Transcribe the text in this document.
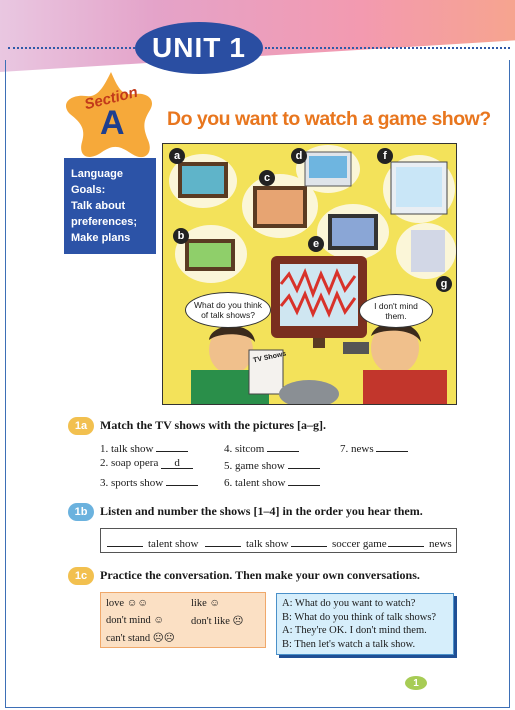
UNIT 1
Section
A Do you want to watch a game show?
Language Goals:
Talk about
preferences;
Make plans
What do you think of talk shows?
I don't mind them.
TV Shows
a
b
c
d
e
f
g
1a	Match the TV shows with the pictures [a–g].
1. talk show
2. soap opera d
3. sports show
4. sitcom
5. game show
6. talent show
7. news
1b	Listen and number the shows [1–4] in the order you hear them.
talent show	talk show	soccer game	news
1c	Practice the conversation. Then make your own conversations.
love ☺☺	like ☺
don't mind ☺	don't like ☹
can't stand ☹☹
A: What do you want to watch?
B: What do you think of talk shows?
A: They're OK. I don't mind them.
B: Then let's watch a talk show.
1
